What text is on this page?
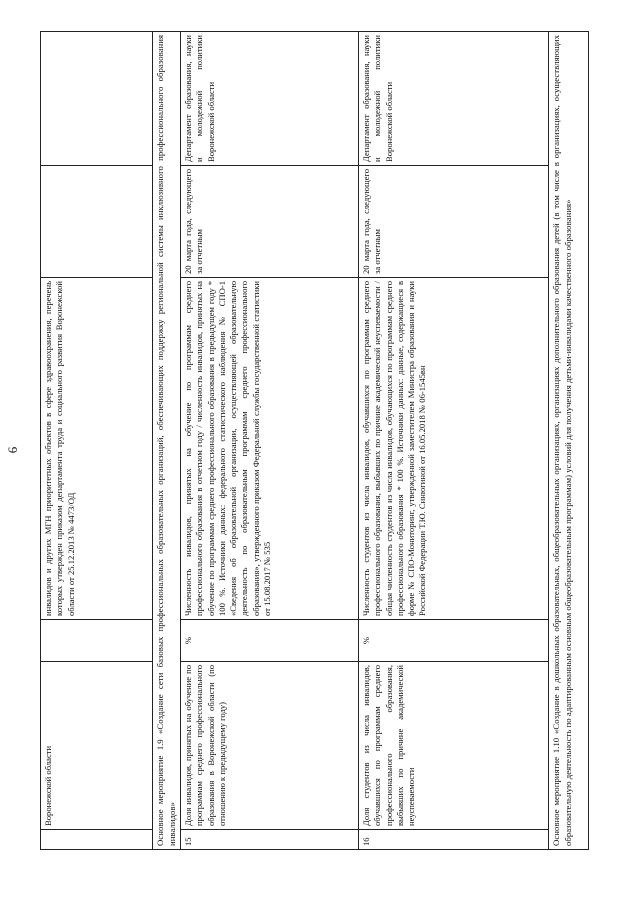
6
	Воронежской области		инвалидов и других МГН приоритетных объектов в сфере здравоохранения, перечень которых утвержден приказом департамента труда и социального развития Воронежской области от 25.12.2013 № 4473/ОД		
Основное мероприятие 1.9 «Создание сети базовых профессиональных образовательных организаций, обеспечивающих поддержку региональной системы инклюзивного профессионального образования инвалидов»					
15	Доля инвалидов, принятых на обучение по программам среднего профессионального образования в Воронежской области (по отношению к предыдущему году)	%	Численность инвалидов, принятых на обучение по программам среднего профессионального образования в отчетном году / численность инвалидов, принятых на обучение по программам среднего профессионального образования в предыдущем году * 100 %. Источники данных: федерального статистического наблюдения № СПО-1 «Сведения об образовательной организации, осуществляющей образовательную деятельность по образовательным программам среднего профессионального образования», утвержденного приказом Федеральной службы государственной статистики от 15.08.2017 № 535	20 марта года, следующего за отчетным	Департамент образования, науки и молодежной политики Воронежской области
16	Доля студентов из числа инвалидов, обучавшихся по программам среднего профессионального образования, выбывших по причине академической неуспеваемости	%	Численность студентов из числа инвалидов, обучавшихся по программам среднего профессионального образования, выбывших по причине академической неуспеваемости / общая численность студентов из числа инвалидов, обучающихся по программам среднего профессионального образования * 100 %. Источники данных: данные, содержащиеся в форме № СПО-Мониторинг, утвержденной заместителем Министра образования и науки Российской Федерации Т.Ю. Синюгиной от 16.05.2018 № 06-1545вн	20 марта года, следующего за отчетным	Департамент образования, науки и молодежной политики Воронежской области
Основное мероприятие 1.10 «Создание в дошкольных образовательных, общеобразовательных организациях, организациях дополнительного образования детей (в том числе в организациях, осуществляющих образовательную деятельность по адаптированным основным общеобразовательным программам) условий для получения детьми-инвалидами качественного образования»					
